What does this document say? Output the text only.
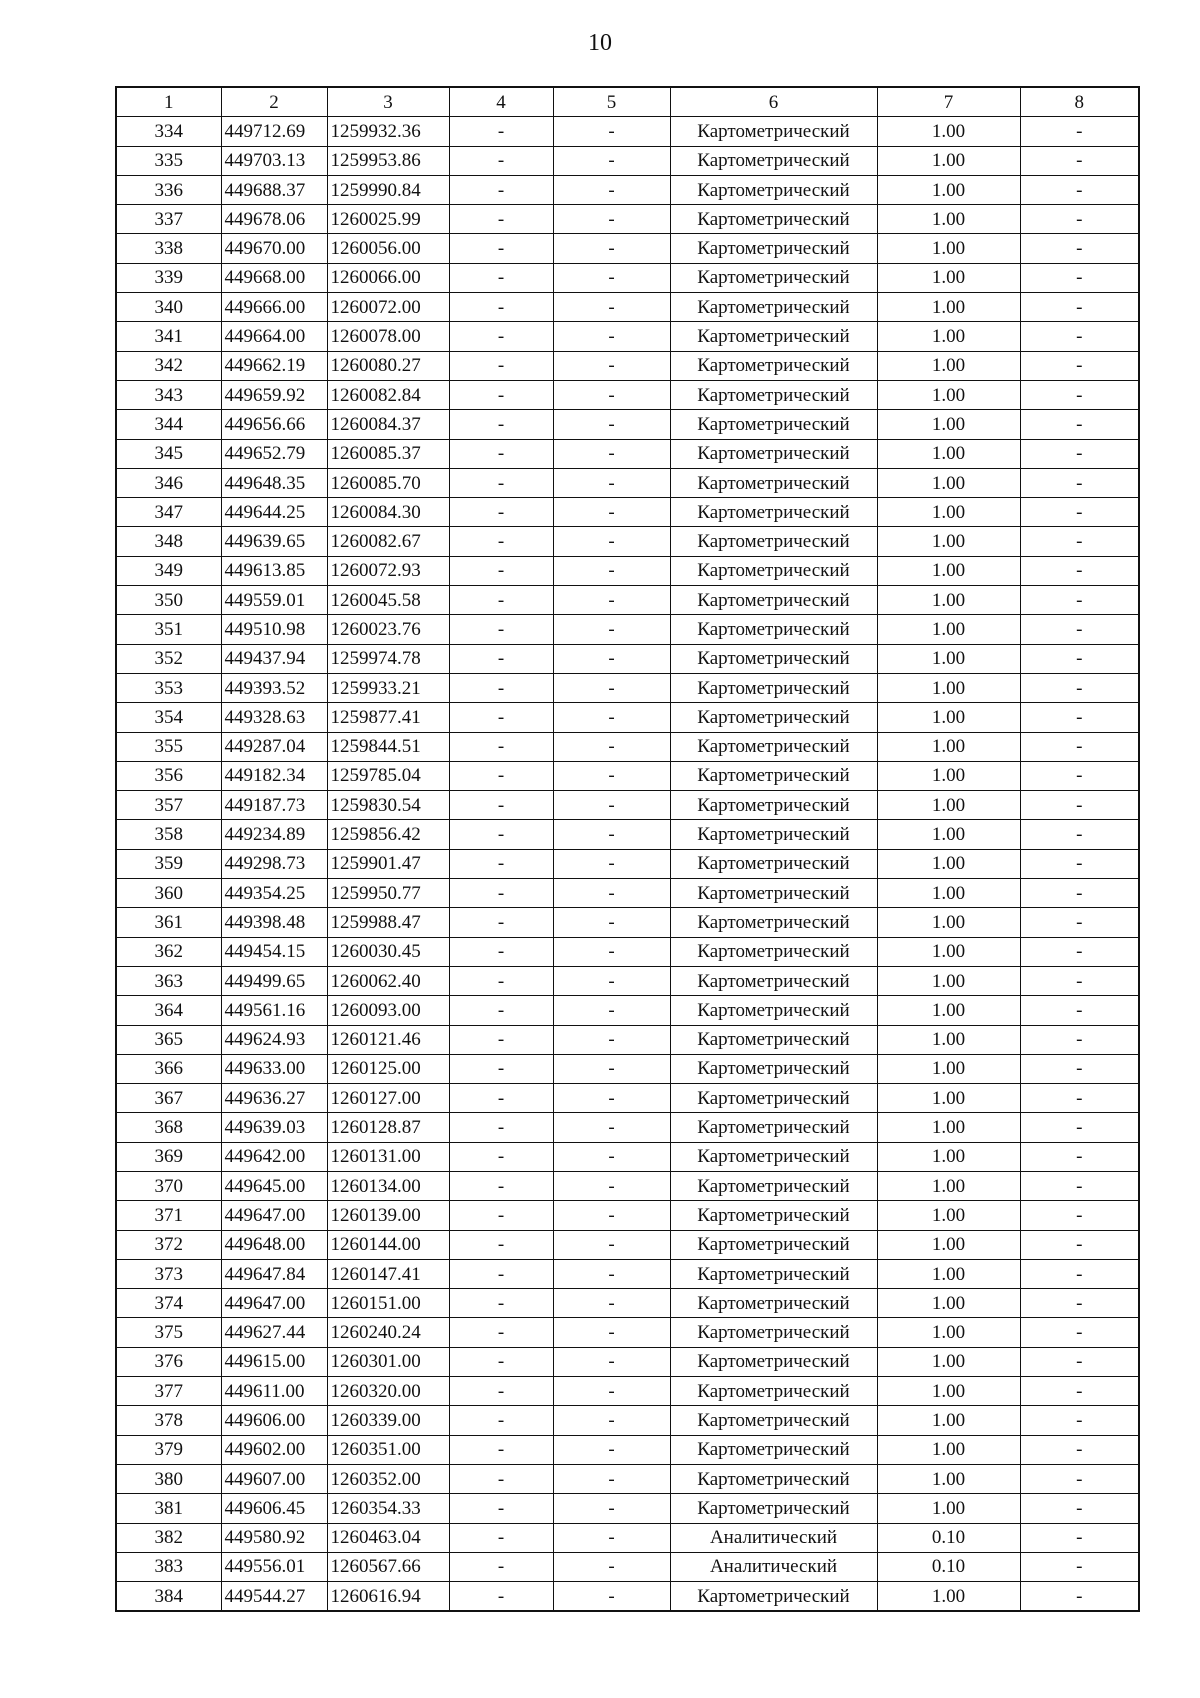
10
1	2	3	4	5	6	7	8
334	449712.69	1259932.36	-	-	Картометрический	1.00	-
335	449703.13	1259953.86	-	-	Картометрический	1.00	-
336	449688.37	1259990.84	-	-	Картометрический	1.00	-
337	449678.06	1260025.99	-	-	Картометрический	1.00	-
338	449670.00	1260056.00	-	-	Картометрический	1.00	-
339	449668.00	1260066.00	-	-	Картометрический	1.00	-
340	449666.00	1260072.00	-	-	Картометрический	1.00	-
341	449664.00	1260078.00	-	-	Картометрический	1.00	-
342	449662.19	1260080.27	-	-	Картометрический	1.00	-
343	449659.92	1260082.84	-	-	Картометрический	1.00	-
344	449656.66	1260084.37	-	-	Картометрический	1.00	-
345	449652.79	1260085.37	-	-	Картометрический	1.00	-
346	449648.35	1260085.70	-	-	Картометрический	1.00	-
347	449644.25	1260084.30	-	-	Картометрический	1.00	-
348	449639.65	1260082.67	-	-	Картометрический	1.00	-
349	449613.85	1260072.93	-	-	Картометрический	1.00	-
350	449559.01	1260045.58	-	-	Картометрический	1.00	-
351	449510.98	1260023.76	-	-	Картометрический	1.00	-
352	449437.94	1259974.78	-	-	Картометрический	1.00	-
353	449393.52	1259933.21	-	-	Картометрический	1.00	-
354	449328.63	1259877.41	-	-	Картометрический	1.00	-
355	449287.04	1259844.51	-	-	Картометрический	1.00	-
356	449182.34	1259785.04	-	-	Картометрический	1.00	-
357	449187.73	1259830.54	-	-	Картометрический	1.00	-
358	449234.89	1259856.42	-	-	Картометрический	1.00	-
359	449298.73	1259901.47	-	-	Картометрический	1.00	-
360	449354.25	1259950.77	-	-	Картометрический	1.00	-
361	449398.48	1259988.47	-	-	Картометрический	1.00	-
362	449454.15	1260030.45	-	-	Картометрический	1.00	-
363	449499.65	1260062.40	-	-	Картометрический	1.00	-
364	449561.16	1260093.00	-	-	Картометрический	1.00	-
365	449624.93	1260121.46	-	-	Картометрический	1.00	-
366	449633.00	1260125.00	-	-	Картометрический	1.00	-
367	449636.27	1260127.00	-	-	Картометрический	1.00	-
368	449639.03	1260128.87	-	-	Картометрический	1.00	-
369	449642.00	1260131.00	-	-	Картометрический	1.00	-
370	449645.00	1260134.00	-	-	Картометрический	1.00	-
371	449647.00	1260139.00	-	-	Картометрический	1.00	-
372	449648.00	1260144.00	-	-	Картометрический	1.00	-
373	449647.84	1260147.41	-	-	Картометрический	1.00	-
374	449647.00	1260151.00	-	-	Картометрический	1.00	-
375	449627.44	1260240.24	-	-	Картометрический	1.00	-
376	449615.00	1260301.00	-	-	Картометрический	1.00	-
377	449611.00	1260320.00	-	-	Картометрический	1.00	-
378	449606.00	1260339.00	-	-	Картометрический	1.00	-
379	449602.00	1260351.00	-	-	Картометрический	1.00	-
380	449607.00	1260352.00	-	-	Картометрический	1.00	-
381	449606.45	1260354.33	-	-	Картометрический	1.00	-
382	449580.92	1260463.04	-	-	Аналитический	0.10	-
383	449556.01	1260567.66	-	-	Аналитический	0.10	-
384	449544.27	1260616.94	-	-	Картометрический	1.00	-
